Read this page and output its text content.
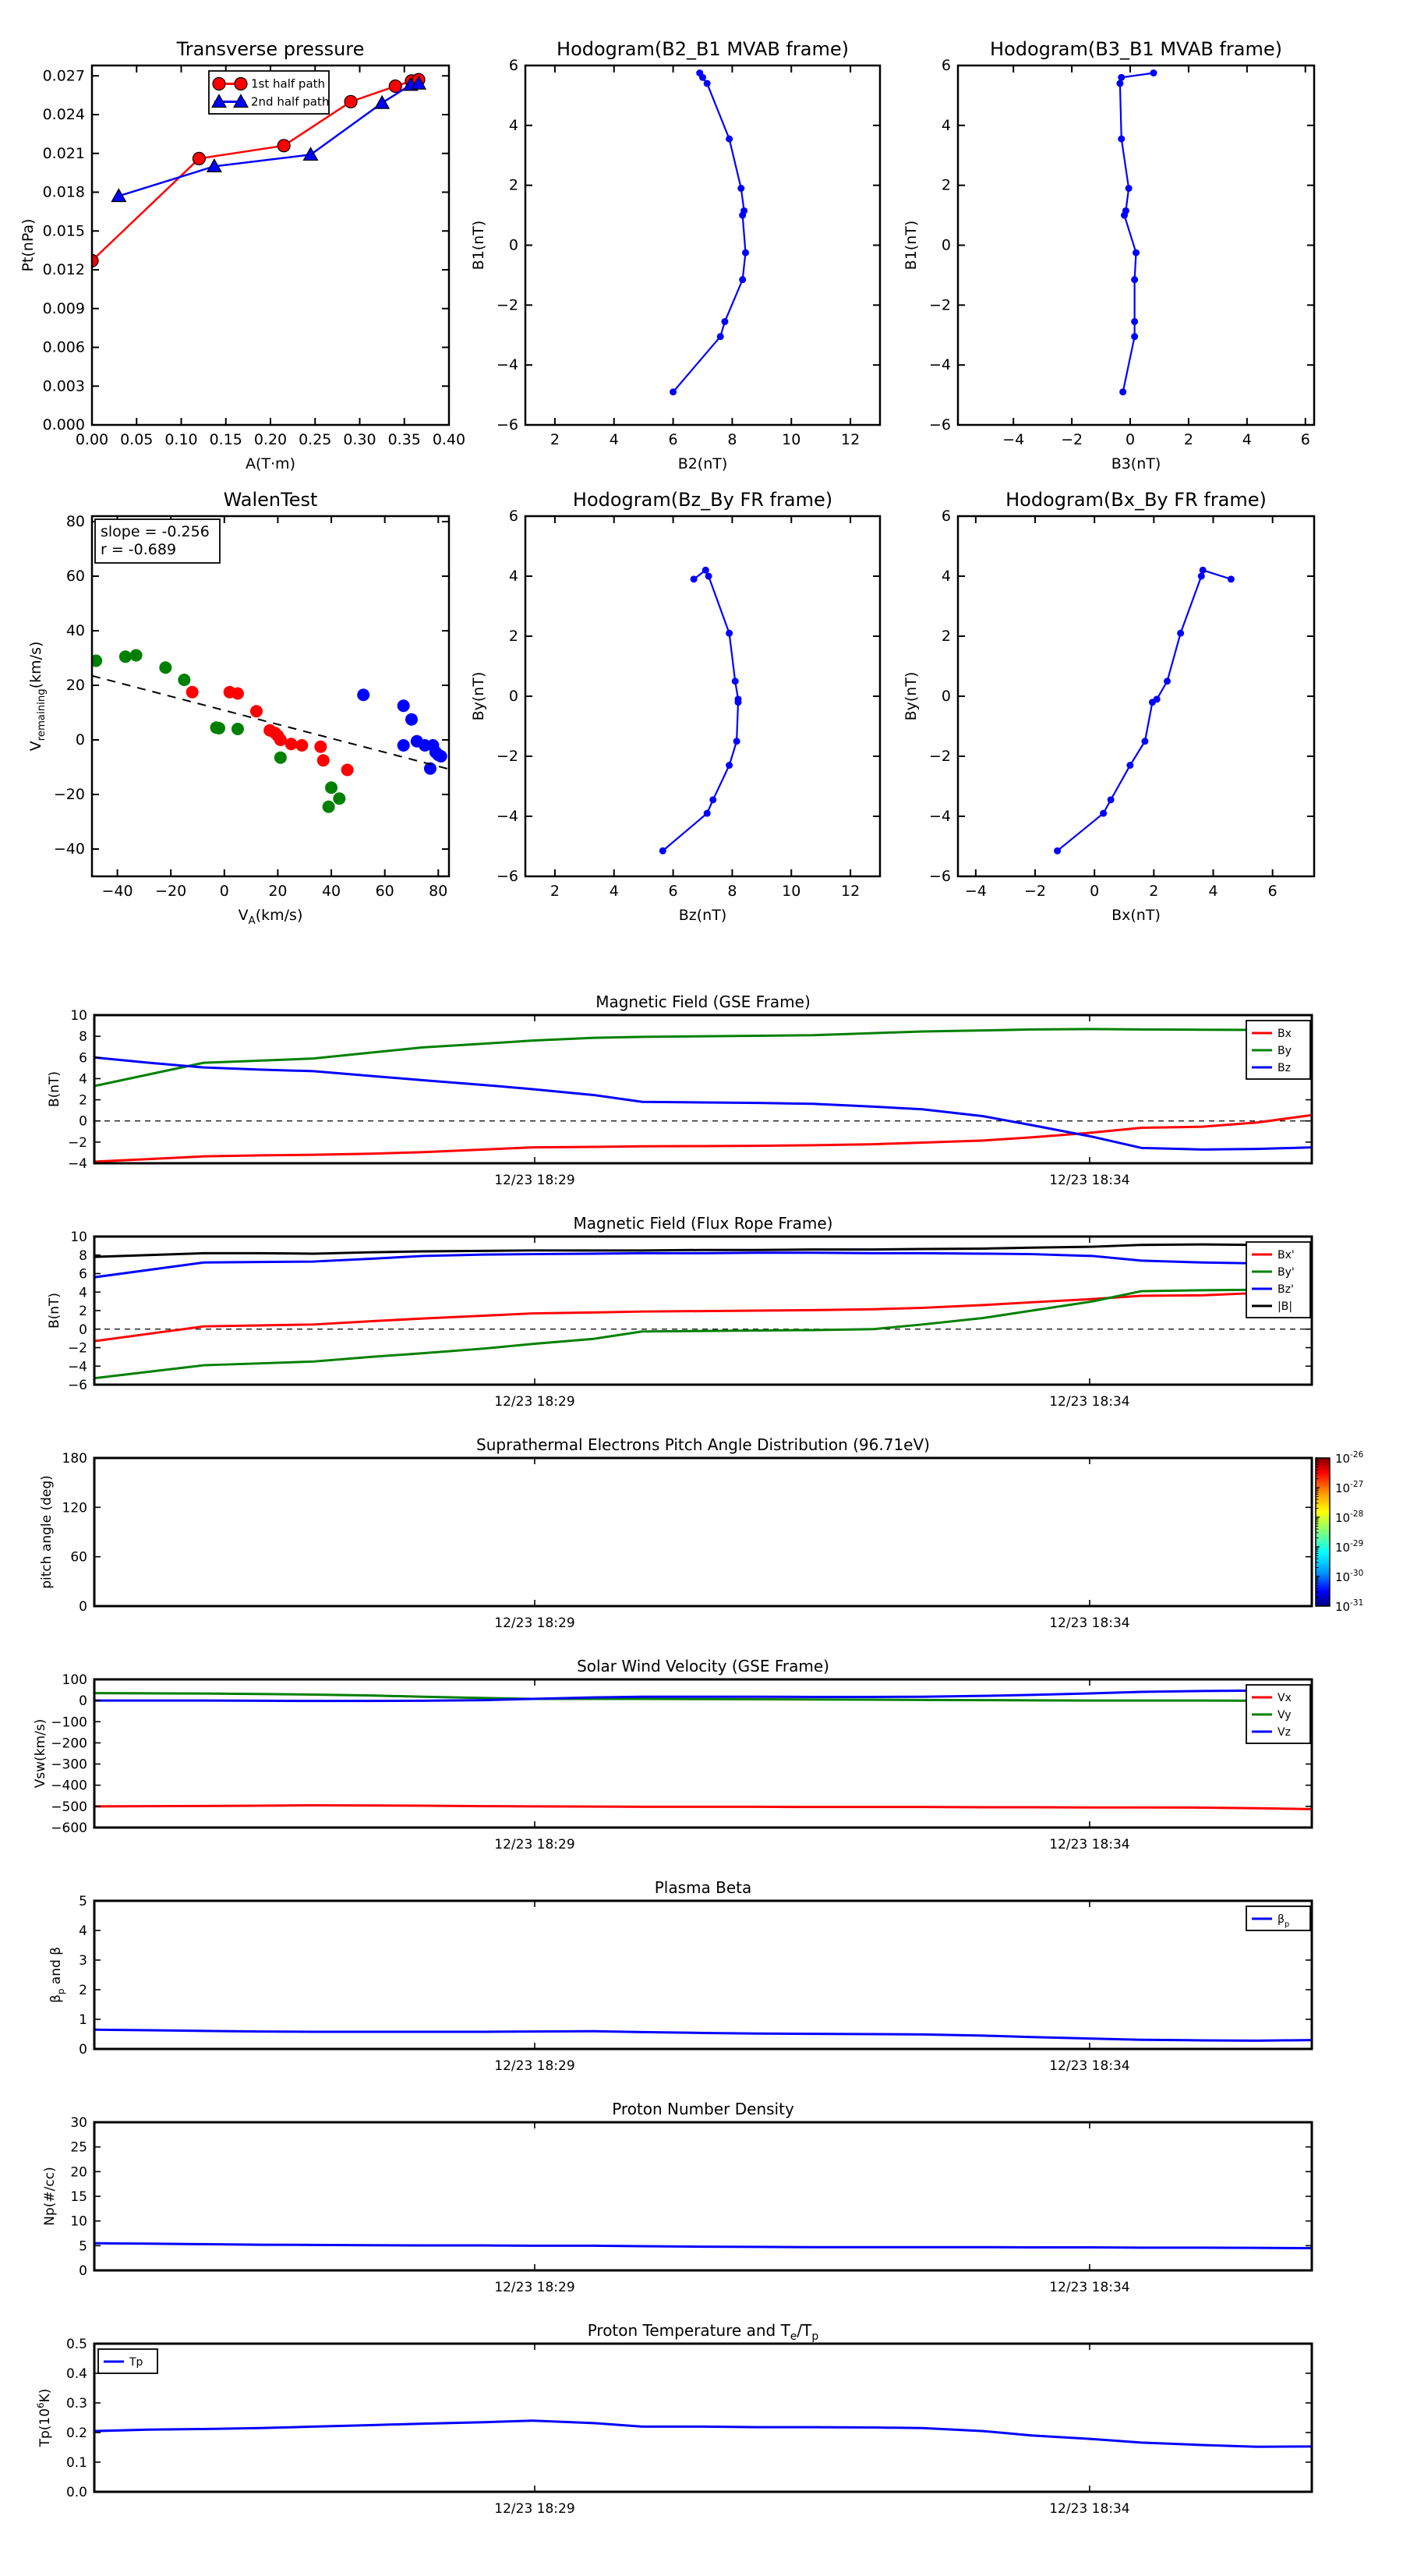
0.00 0.05 0.10 0.15 0.20 0.25 0.30 0.35 0.40
0.000
0.003
0.006
0.009
0.012
0.015
0.018
0.021
0.024
0.027
Transverse pressure
A(T·m)
Pt(nPa)
1st half path
2nd half path
2	4	6	8	10	12
−6
−4
−2
0
2
4
6
Hodogram(B2_B1 MVAB frame)
B2(nT)
B1(nT)
−4 −2	0	2	4	6
−6
−4
−2
0
2
4
6
Hodogram(B3_B1 MVAB frame)
B3(nT)
B1(nT)
−40 −20 0	20 40 60 80
−40
−20
0
20
40
60
80
WalenTest
$V_A(km/s)$
$V_{remaining}(km/s)$
slope = -0.256
r = -0.689
2	4	6	8	10	12
−6
−4
−2
0
2
4
6
Hodogram(Bz_By FR frame)
Bz(nT)
By(nT)
−4	−2	0	2	4	6
−6
−4
−2
0
2
4
6
Hodogram(Bx_By FR frame)
Bx(nT)
By(nT)
12/23 18:29	12/23 18:34
−4
−2
0
2
4
6
8
10
Magnetic Field (GSE Frame)
B(nT)
Bx
By
Bz
12/23 18:29	12/23 18:34
−6
−4
−2
0
2
4
6
8
10
Magnetic Field (Flux Rope Frame)
B(nT)
Bx'
By'
Bz'
|B|
12/23 18:29	12/23 18:34
0
60
120
180
Suprathermal Electrons Pitch Angle Distribution (96.71eV)
pitch angle (deg)
$10^{-26}$
$10^{-27}$
$10^{-28}$
$10^{-29}$
$10^{-30}$
$10^{-31}$
12/23 18:29	12/23 18:34
−600
−500
−400
−300
−200
−100
0
100
Solar Wind Velocity (GSE Frame)
Vsw(km/s)
Vx
Vy
Vz
12/23 18:29	12/23 18:34
0
1
2
3
4
5
Plasma Beta
$\beta_p$ and β
$\beta_p$
12/23 18:29	12/23 18:34
0
5
10
15
20
25
30
Proton Number Density
Np(#/cc)
12/23 18:29	12/23 18:34
0.0
0.1
0.2
0.3
0.4
0.5
Proton Temperature and $T_e/T_p$
$Tp(10^6K)$
Tp
